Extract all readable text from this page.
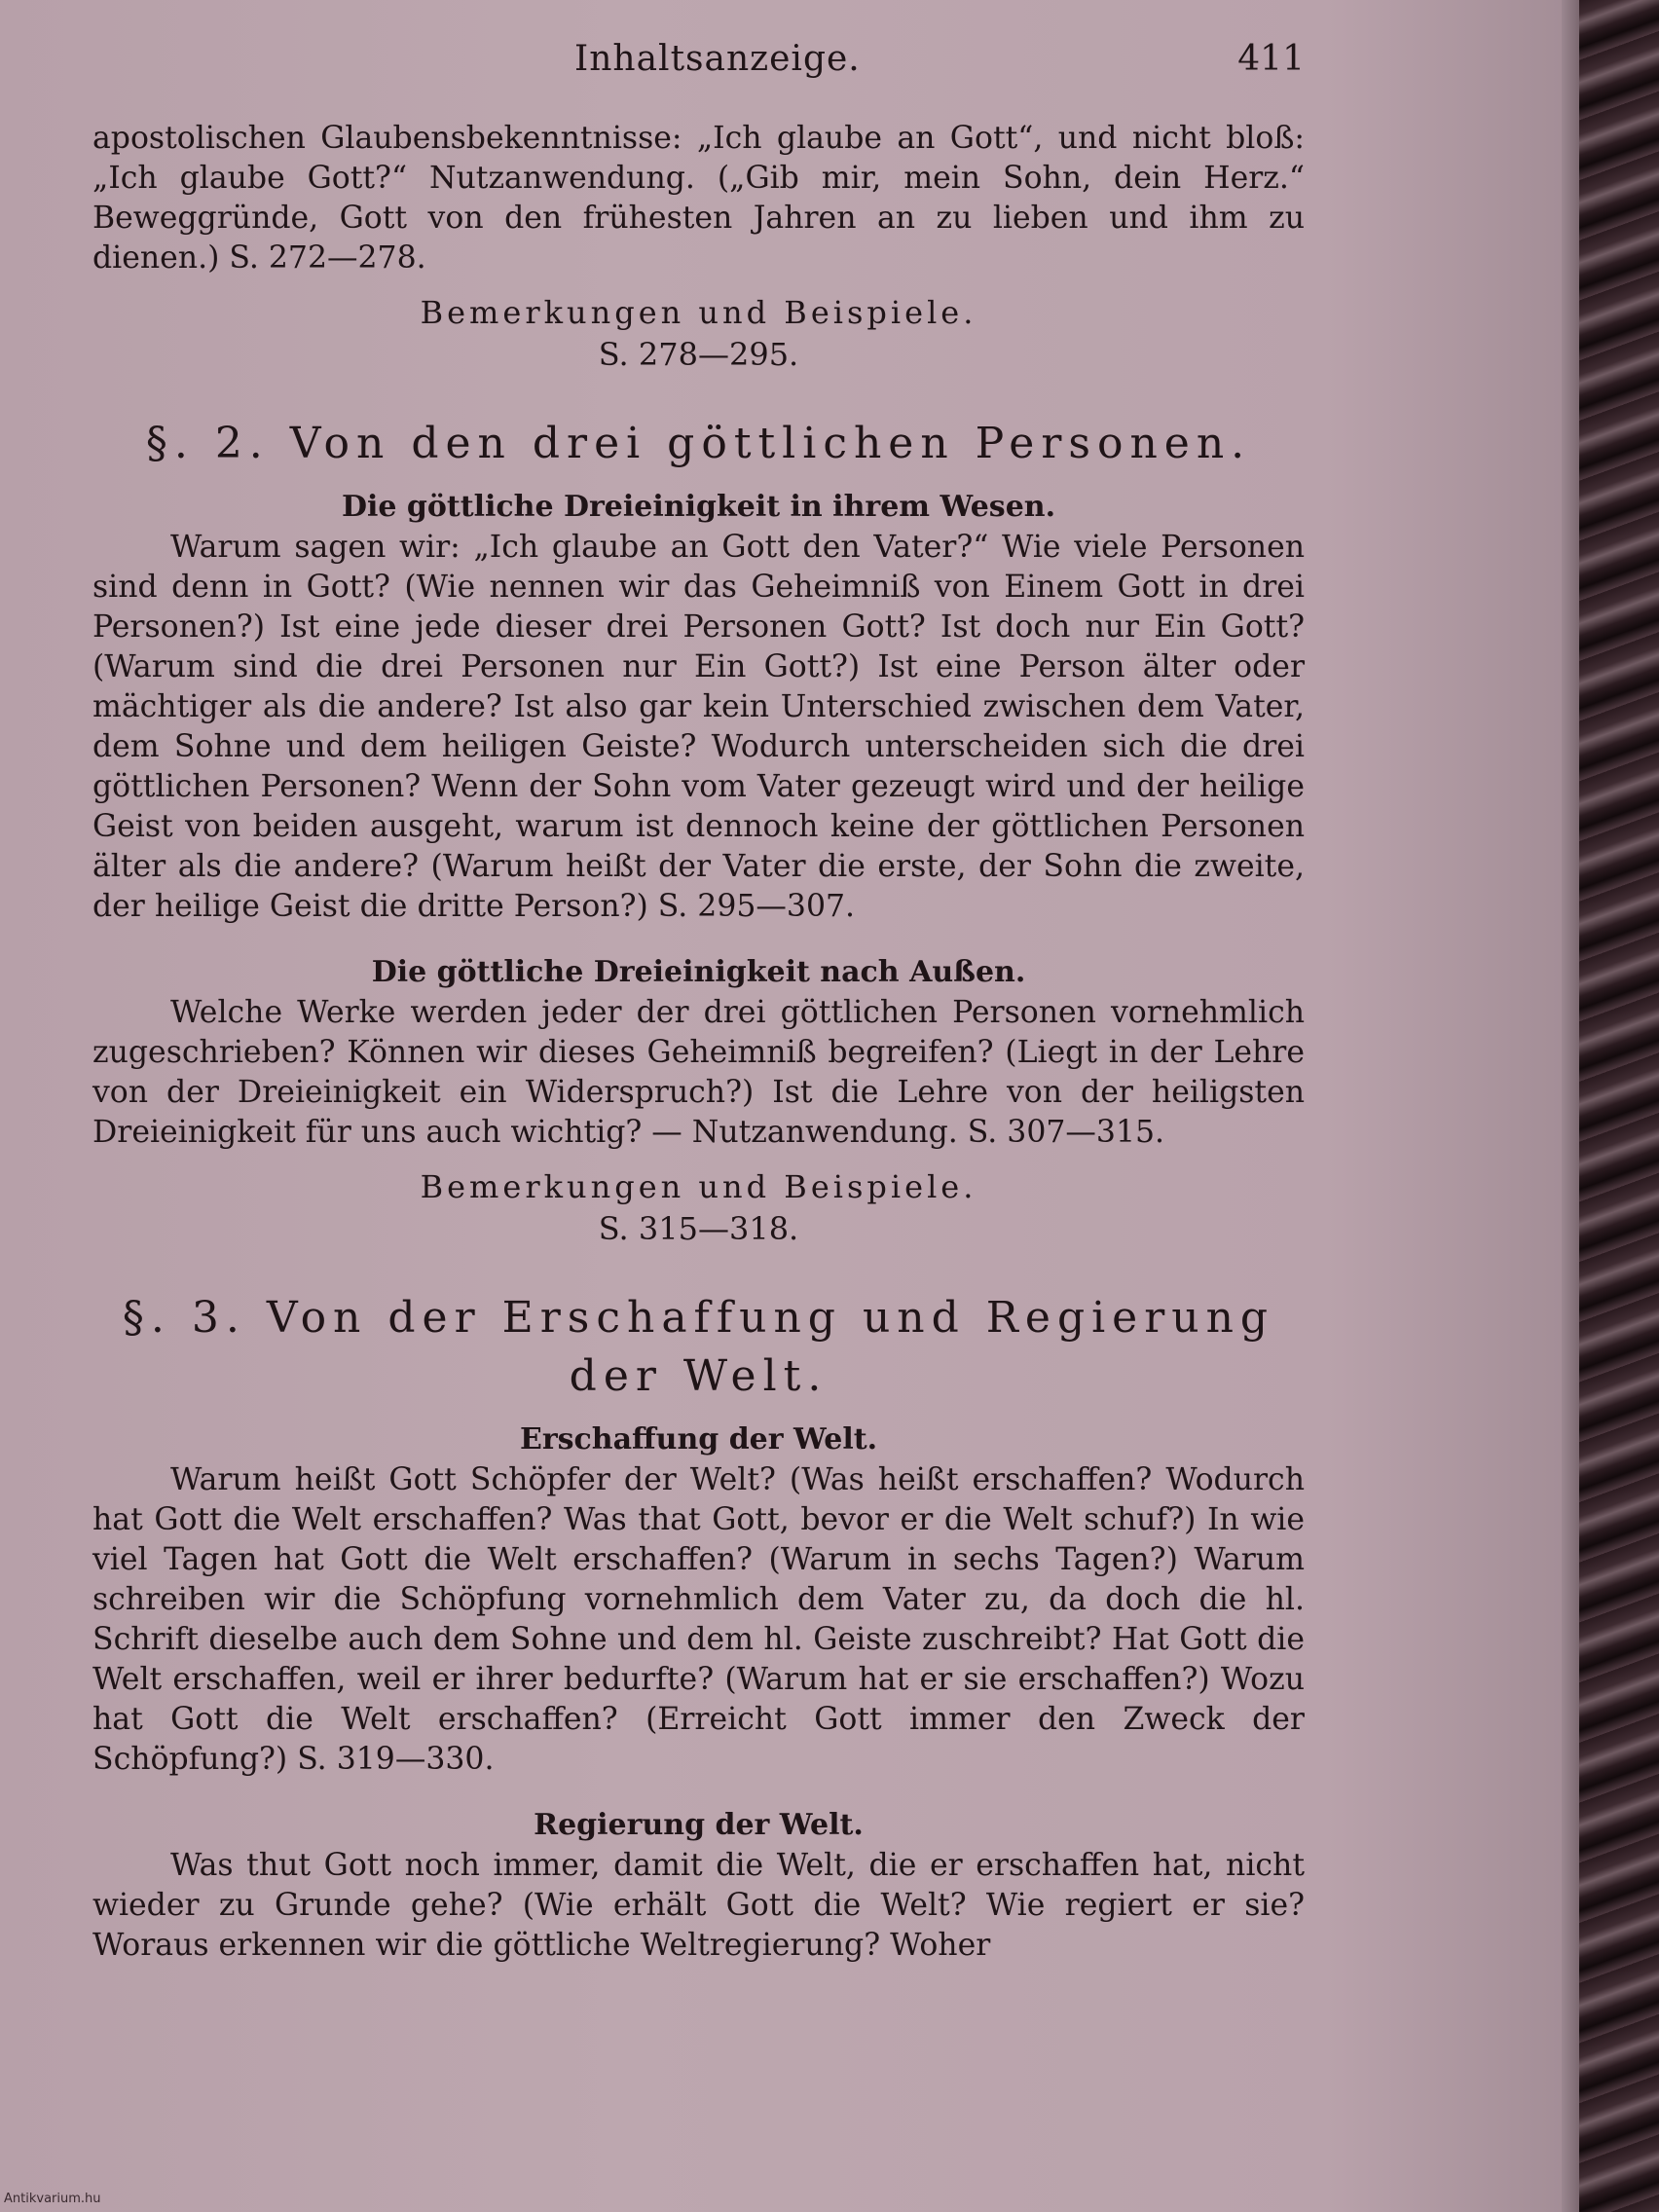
Inhaltsanzeige.	411

apostolischen Glaubensbekenntnisse: „Ich glaube an Gott“, und nicht bloß: „Ich glaube Gott?“ Nutzanwendung. („Gib mir, mein Sohn, dein Herz.“ Beweggründe, Gott von den frühesten Jahren an zu lieben und ihm zu dienen.) S. 272—278.

Bemerkungen und Beispiele.

S. 278—295.

§. 2. Von den drei göttlichen Personen.
Die göttliche Dreieinigkeit in ihrem Wesen.

Warum sagen wir: „Ich glaube an Gott den Vater?“ Wie viele Personen sind denn in Gott? (Wie nennen wir das Geheimniß von Einem Gott in drei Personen?) Ist eine jede dieser drei Personen Gott? Ist doch nur Ein Gott? (Warum sind die drei Personen nur Ein Gott?) Ist eine Person älter oder mächtiger als die andere? Ist also gar kein Unterschied zwischen dem Vater, dem Sohne und dem heiligen Geiste? Wodurch unterscheiden sich die drei göttlichen Personen? Wenn der Sohn vom Vater gezeugt wird und der heilige Geist von beiden ausgeht, warum ist dennoch keine der göttlichen Personen älter als die andere? (Warum heißt der Vater die erste, der Sohn die zweite, der heilige Geist die dritte Person?) S. 295—307.

Die göttliche Dreieinigkeit nach Außen.

Welche Werke werden jeder der drei göttlichen Personen vornehmlich zugeschrieben? Können wir dieses Geheimniß begreifen? (Liegt in der Lehre von der Dreieinigkeit ein Widerspruch?) Ist die Lehre von der heiligsten Dreieinigkeit für uns auch wichtig? — Nutzanwendung. S. 307—315.

Bemerkungen und Beispiele.

S. 315—318.

§. 3. Von der Erschaffung und Regierung
der Welt.
Erschaffung der Welt.

Warum heißt Gott Schöpfer der Welt? (Was heißt erschaffen? Wodurch hat Gott die Welt erschaffen? Was that Gott, bevor er die Welt schuf?) In wie viel Tagen hat Gott die Welt erschaffen? (Warum in sechs Tagen?) Warum schreiben wir die Schöpfung vornehmlich dem Vater zu, da doch die hl. Schrift dieselbe auch dem Sohne und dem hl. Geiste zuschreibt? Hat Gott die Welt erschaffen, weil er ihrer bedurfte? (Warum hat er sie erschaffen?) Wozu hat Gott die Welt erschaffen? (Erreicht Gott immer den Zweck der Schöpfung?) S. 319—330.

Regierung der Welt.

Was thut Gott noch immer, damit die Welt, die er erschaffen hat, nicht wieder zu Grunde gehe? (Wie erhält Gott die Welt? Wie regiert er sie? Woraus erkennen wir die göttliche Weltregierung? Woher

Antikvarium.hu
